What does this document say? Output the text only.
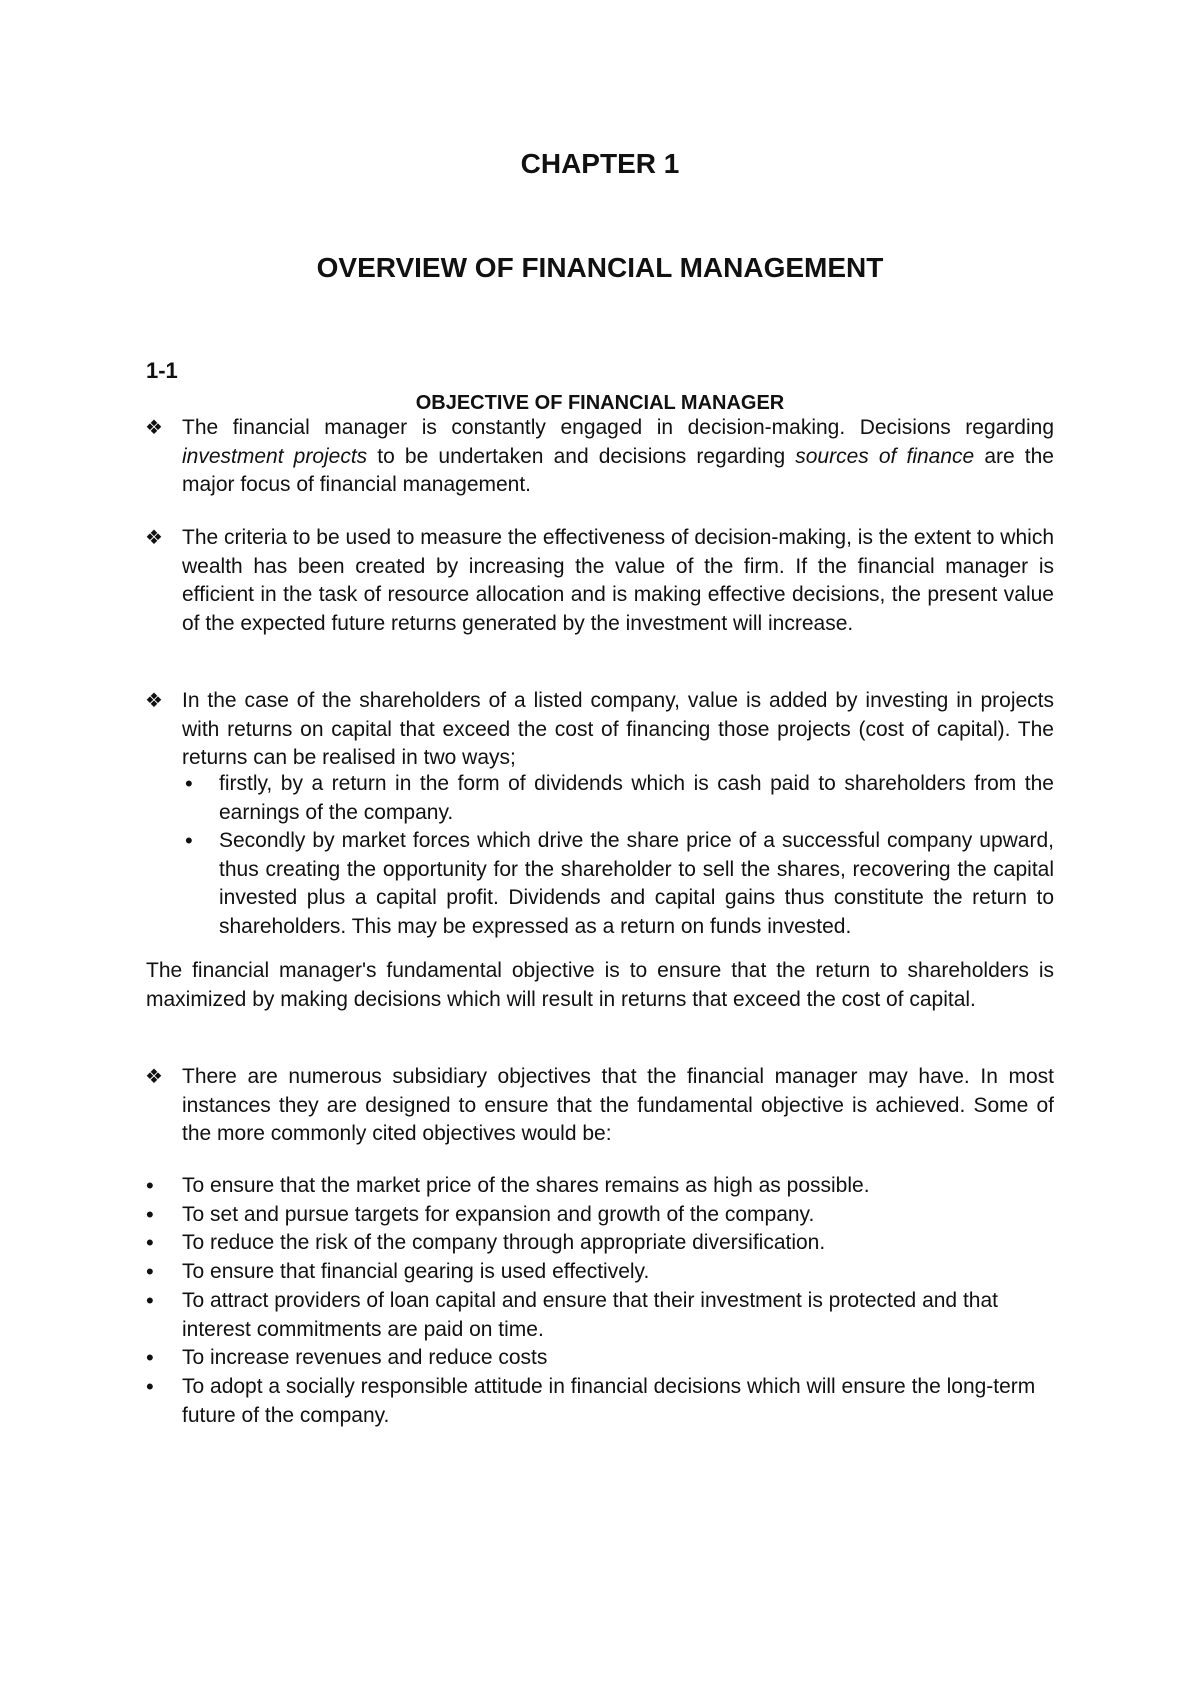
CHAPTER 1
OVERVIEW OF FINANCIAL MANAGEMENT
1-1
OBJECTIVE OF FINANCIAL MANAGER
❖ The financial manager is constantly engaged in decision-making. Decisions regarding investment projects to be undertaken and decisions regarding sources of finance are the major focus of financial management.
❖ The criteria to be used to measure the effectiveness of decision-making, is the extent to which wealth has been created by increasing the value of the firm. If the financial manager is efficient in the task of resource allocation and is making effective decisions, the present value of the expected future returns generated by the investment will increase.
❖ In the case of the shareholders of a listed company, value is added by investing in projects with returns on capital that exceed the cost of financing those projects (cost of capital). The returns can be realised in two ways;
• firstly, by a return in the form of dividends which is cash paid to shareholders from the earnings of the company.
• Secondly by market forces which drive the share price of a successful company upward, thus creating the opportunity for the shareholder to sell the shares, recovering the capital invested plus a capital profit. Dividends and capital gains thus constitute the return to shareholders. This may be expressed as a return on funds invested.
The financial manager's fundamental objective is to ensure that the return to shareholders is maximized by making decisions which will result in returns that exceed the cost of capital.
❖ There are numerous subsidiary objectives that the financial manager may have. In most instances they are designed to ensure that the fundamental objective is achieved. Some of the more commonly cited objectives would be:
• To ensure that the market price of the shares remains as high as possible.
• To set and pursue targets for expansion and growth of the company.
• To reduce the risk of the company through appropriate diversification.
• To ensure that financial gearing is used effectively.
• To attract providers of loan capital and ensure that their investment is protected and that interest commitments are paid on time.
• To increase revenues and reduce costs
• To adopt a socially responsible attitude in financial decisions which will ensure the long-term future of the company.
